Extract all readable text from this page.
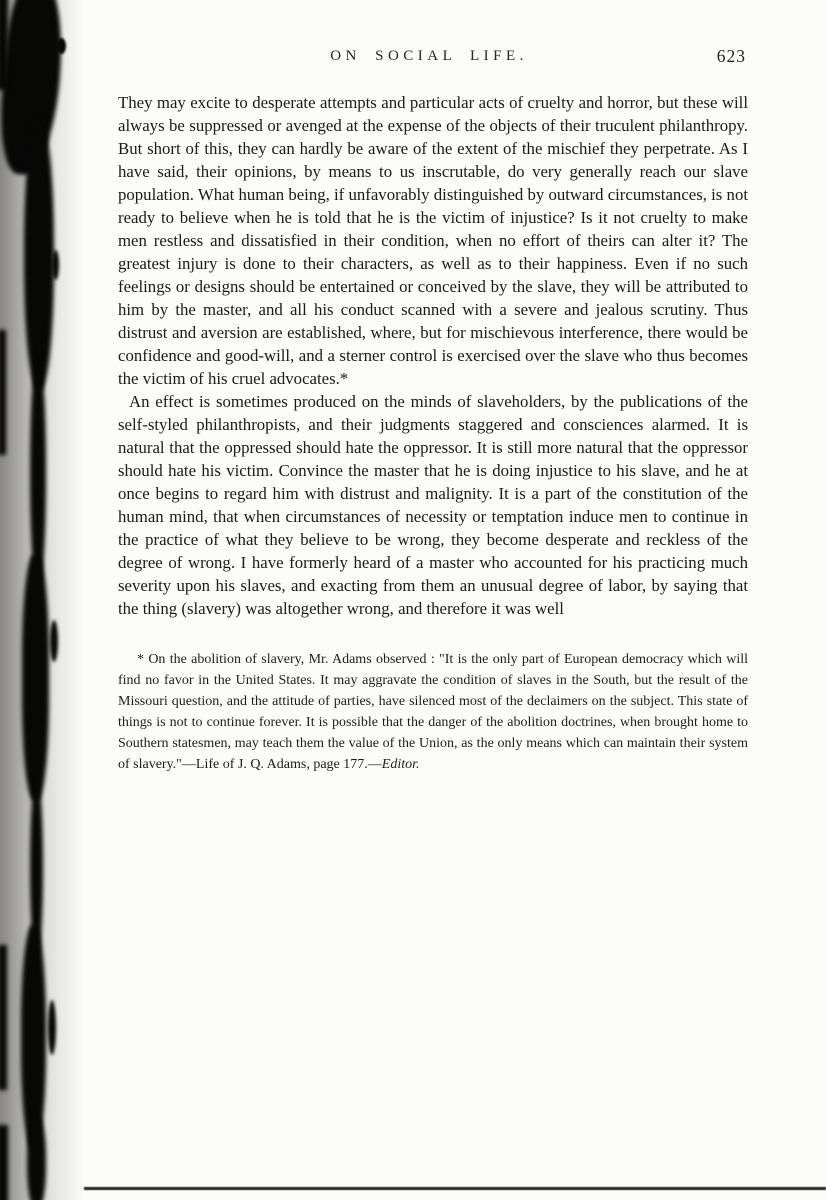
ON SOCIAL LIFE.	623

They may excite to desperate attempts and particular acts of cruelty and horror, but these will always be suppressed or avenged at the expense of the objects of their truculent philanthropy. But short of this, they can hardly be aware of the extent of the mischief they perpetrate. As I have said, their opinions, by means to us inscrutable, do very generally reach our slave population. What human being, if unfavorably distinguished by outward circumstances, is not ready to believe when he is told that he is the victim of injustice? Is it not cruelty to make men restless and dissatisfied in their condition, when no effort of theirs can alter it? The greatest injury is done to their characters, as well as to their happiness. Even if no such feelings or designs should be entertained or conceived by the slave, they will be attributed to him by the master, and all his conduct scanned with a severe and jealous scrutiny. Thus distrust and aversion are established, where, but for mischievous interference, there would be confidence and good-will, and a sterner control is exercised over the slave who thus becomes the victim of his cruel advocates.*

An effect is sometimes produced on the minds of slaveholders, by the publications of the self-styled philanthropists, and their judgments staggered and consciences alarmed. It is natural that the oppressed should hate the oppressor. It is still more natural that the oppressor should hate his victim. Convince the master that he is doing injustice to his slave, and he at once begins to regard him with distrust and malignity. It is a part of the constitution of the human mind, that when circumstances of necessity or temptation induce men to continue in the practice of what they believe to be wrong, they become desperate and reckless of the degree of wrong. I have formerly heard of a master who accounted for his practicing much severity upon his slaves, and exacting from them an unusual degree of labor, by saying that the thing (slavery) was altogether wrong, and therefore it was well

* On the abolition of slavery, Mr. Adams observed : "It is the only part of European democracy which will find no favor in the United States. It may aggravate the condition of slaves in the South, but the result of the Missouri question, and the attitude of parties, have silenced most of the declaimers on the subject. This state of things is not to continue forever. It is possible that the danger of the abolition doctrines, when brought home to Southern statesmen, may teach them the value of the Union, as the only means which can maintain their system of slavery."—Life of J. Q. Adams, page 177.—Editor.
